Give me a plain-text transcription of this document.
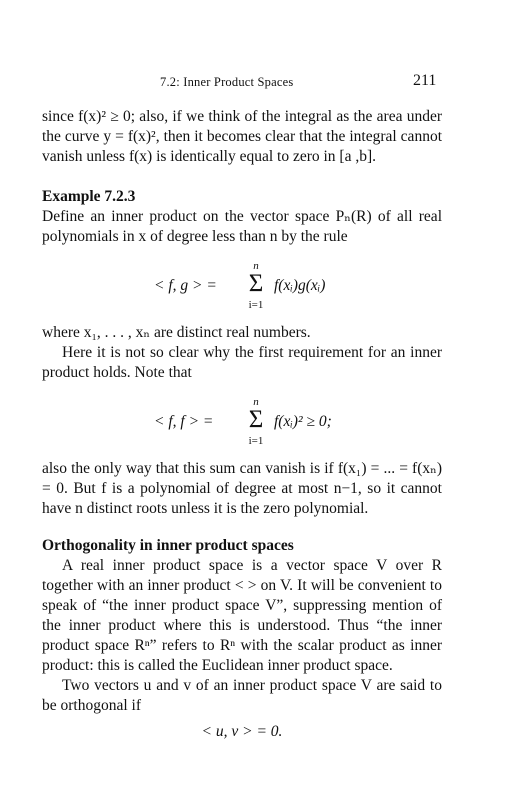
7.2: Inner Product Spaces	211

since f(x)² ≥ 0; also, if we think of the integral as the area under the curve y = f(x)², then it becomes clear that the integral cannot vanish unless f(x) is identically equal to zero in [a ,b].

Example 7.2.3

Define an inner product on the vector space Pₙ(R) of all real polynomials in x of degree less than n by the rule

< f, g > =
n
Σ
i=1
f(xᵢ)g(xᵢ)

where x₁, . . . , xₙ are distinct real numbers.

Here it is not so clear why the first requirement for an inner product holds. Note that

< f, f > =
n
Σ
i=1
f(xᵢ)² ≥ 0;

also the only way that this sum can vanish is if f(x₁) = ... = f(xₙ) = 0. But f is a polynomial of degree at most n−1, so it cannot have n distinct roots unless it is the zero polynomial.

Orthogonality in inner product spaces

A real inner product space is a vector space V over R together with an inner product < > on V. It will be convenient to speak of “the inner product space V”, suppressing mention of the inner product where this is understood. Thus “the inner product space Rⁿ” refers to Rⁿ with the scalar product as inner product: this is called the Euclidean inner product space.

Two vectors u and v of an inner product space V are said to be orthogonal if

< u, v > = 0.
